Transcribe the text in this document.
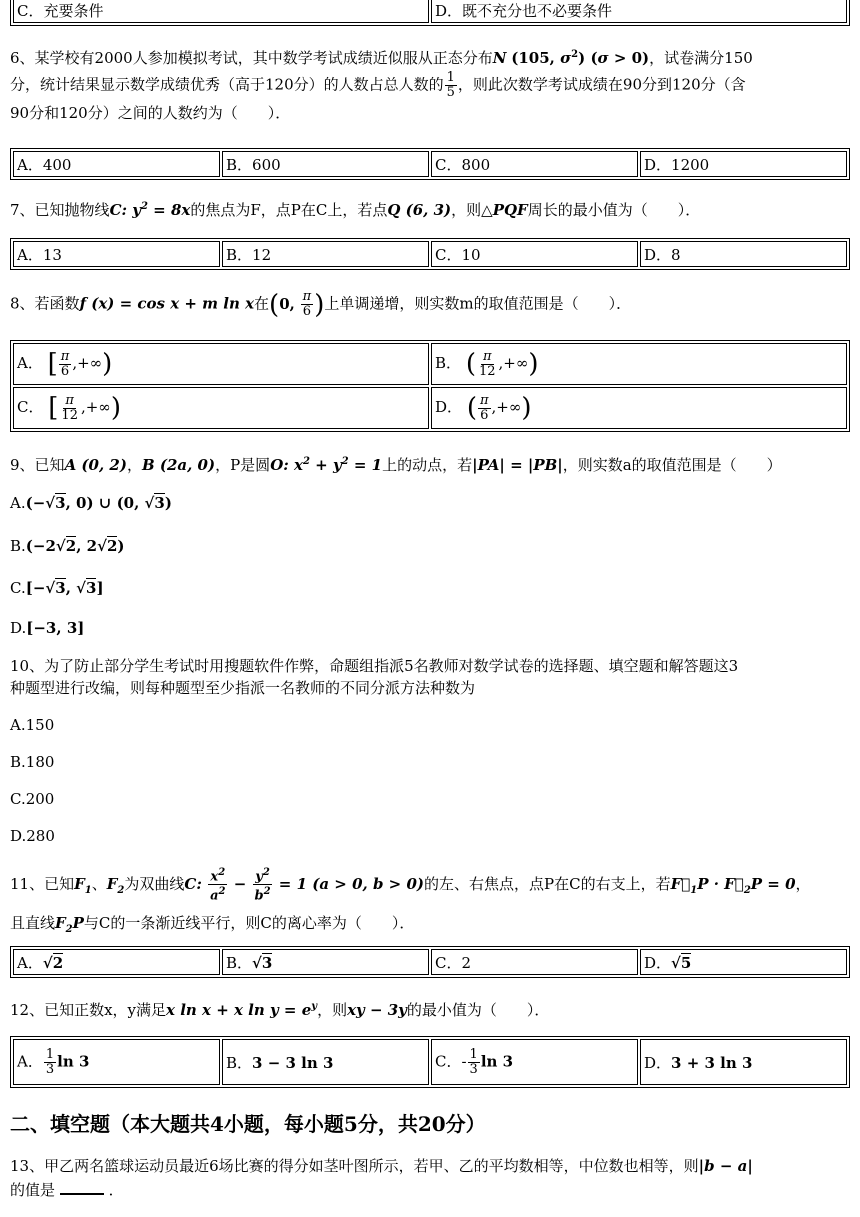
C．充要条件	D．既不充分也不必要条件
6、某学校有2000人参加模拟考试，其中数学考试成绩近似服从正态分布N (105, $\sigma^2$) (σ > 0)，试卷满分150
分，统计结果显示数学成绩优秀（高于120分）的人数占总人数的 $\frac{1}{5}$ ，则此次数学考试成绩在90分到120分（含
90分和120分）之间的人数约为（　　）．
A．400	B．600	C．800	D．1200
7、已知抛物线C: $y^2 = 8x$的焦点为F，点P在C上，若点Q (6, 3)，则△PQF周长的最小值为（　　）．
A．13	B．12	C．10	D．8
8、若函数f (x) = cos x + m ln x在(0, $\frac{\pi}{6}$ )上单调递增，则实数m的取值范围是（　　）．
A． [ $\frac{\pi}{6}$ ,+∞)	B． ( $\frac{\pi}{12}$ ,+∞)
C． [ $\frac{\pi}{12}$ ,+∞)	D． ( $\frac{\pi}{6}$ ,+∞)
9、已知A (0, 2)，B (2a, 0)，P是圆O: $x^2 + y^2 = 1$上的动点，若|PA| = |PB|，则实数a的取值范围是（　　）
A.(−√3, 0) ∪ (0, √3)
B.(−2√2, 2√2)
C.[−√3, √3]
D.[−3, 3]
10、为了防止部分学生考试时用搜题软件作弊，命题组指派5名教师对数学试卷的选择题、填空题和解答题这3
种题型进行改编，则每种题型至少指派一名教师的不同分派方法种数为
A.150
B.180
C.200
D.280
11、已知$F_1$、$F_2$为双曲线C: $\frac{x^2}{a^2} - \frac{y^2}{b^2} = 1$ (a > 0, b > 0)的左、右焦点，点P在C的右支上，若$F⃗_1P$ · $F⃗_2P = 0$，
且直线$F_2P$与C的一条渐近线平行，则C的离心率为（　　）．
A．√2	B．√3	C．2	D．√5
12、已知正数x，y满足x ln x + x $\ln y = e^y$，则xy − 3y的最小值为（　　）．
A． $\frac{1}{3}$ ln 3	B．3 − 3 ln 3	C．- $\frac{1}{3}$ ln 3	D．3 + 3 ln 3
二、填空题（本大题共4小题，每小题5分，共20分）
13、甲乙两名篮球运动员最近6场比赛的得分如茎叶图所示，若甲、乙的平均数相等，中位数也相等，则|b − a|
的值是	．
